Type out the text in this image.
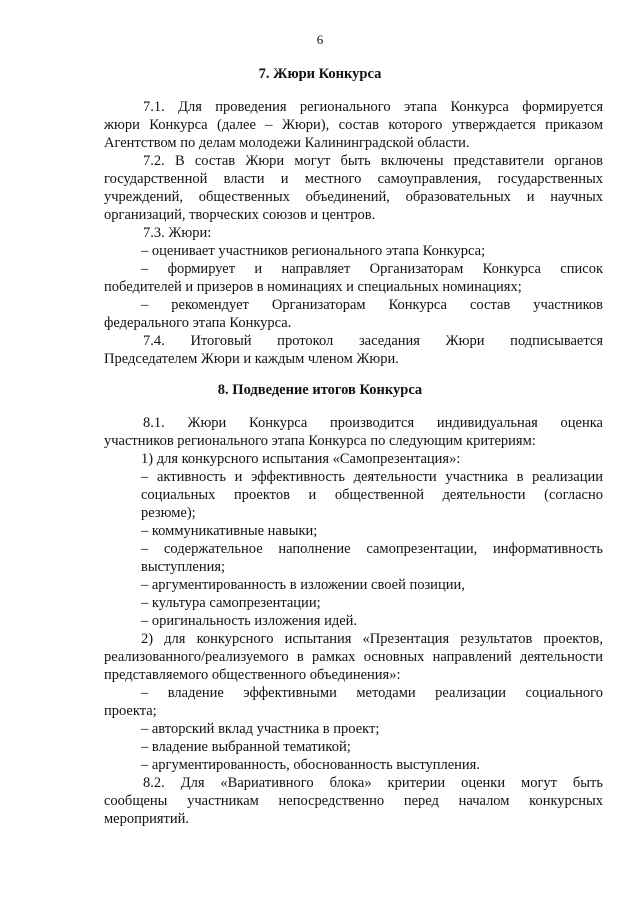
6
7. Жюри Конкурса
7.1. Для проведения регионального этапа Конкурса формируется
жюри Конкурса (далее – Жюри), состав которого утверждается приказом
Агентством по делам молодежи Калининградской области.
7.2. В состав Жюри могут быть включены представители органов
государственной власти и местного самоуправления, государственных
учреждений, общественных объединений, образовательных и научных
организаций, творческих союзов и центров.
7.3. Жюри:
– оценивает участников регионального этапа Конкурса;
– формирует и направляет Организаторам Конкурса список
победителей и призеров в номинациях и специальных номинациях;
– рекомендует Организаторам Конкурса состав участников
федерального этапа Конкурса.
7.4. Итоговый протокол заседания Жюри подписывается
Председателем Жюри и каждым членом Жюри.
8. Подведение итогов Конкурса
8.1. Жюри Конкурса производится индивидуальная оценка
участников регионального этапа Конкурса по следующим критериям:
1) для конкурсного испытания «Самопрезентация»:
– активность и эффективность деятельности участника в реализации
социальных проектов и общественной деятельности (согласно
резюме);
– коммуникативные навыки;
– содержательное наполнение самопрезентации, информативность
выступления;
– аргументированность в изложении своей позиции,
– культура самопрезентации;
– оригинальность изложения идей.
2) для конкурсного испытания «Презентация результатов проектов,
реализованного/реализуемого в рамках основных направлений деятельности
представляемого общественного объединения»:
– владение эффективными методами реализации социального
проекта;
– авторский вклад участника в проект;
– владение выбранной тематикой;
– аргументированность, обоснованность выступления.
8.2. Для «Вариативного блока» критерии оценки могут быть
сообщены участникам непосредственно перед началом конкурсных
мероприятий.
